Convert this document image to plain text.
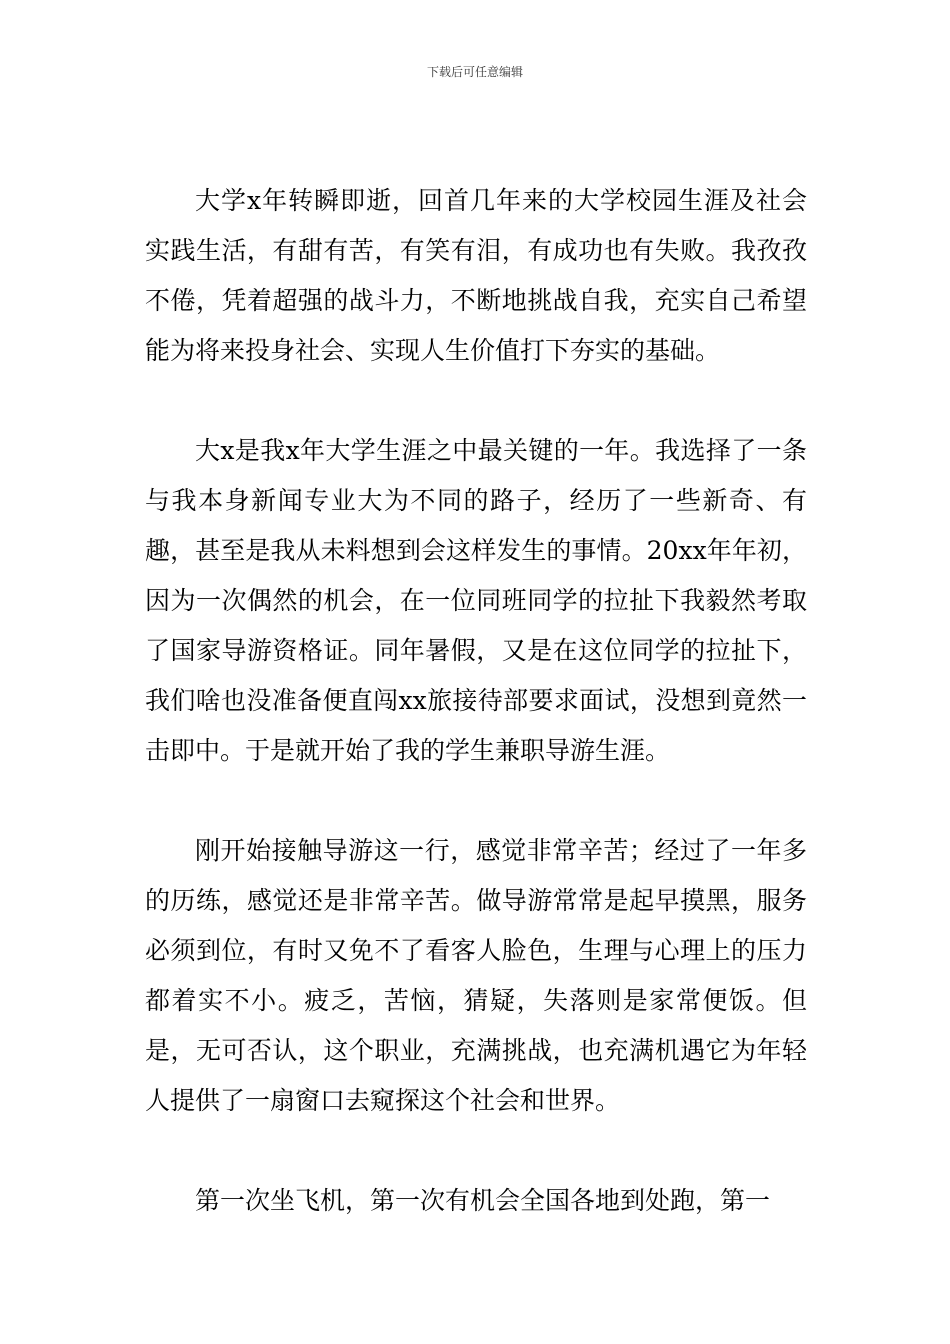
下载后可任意编辑

大学x年转瞬即逝，回首几年来的大学校园生涯及社会实践生活，有甜有苦，有笑有泪，有成功也有失败。我孜孜不倦，凭着超强的战斗力，不断地挑战自我，充实自己希望能为将来投身社会、实现人生价值打下夯实的基础。

大x是我x年大学生涯之中最关键的一年。我选择了一条与我本身新闻专业大为不同的路子，经历了一些新奇、有趣，甚至是我从未料想到会这样发生的事情。20xx年年初，因为一次偶然的机会，在一位同班同学的拉扯下我毅然考取了国家导游资格证。同年暑假，又是在这位同学的拉扯下，我们啥也没准备便直闯xx旅接待部要求面试，没想到竟然一击即中。于是就开始了我的学生兼职导游生涯。

刚开始接触导游这一行，感觉非常辛苦；经过了一年多的历练，感觉还是非常辛苦。做导游常常是起早摸黑，服务必须到位，有时又免不了看客人脸色，生理与心理上的压力都着实不小。疲乏，苦恼，猜疑，失落则是家常便饭。但是，无可否认，这个职业，充满挑战，也充满机遇它为年轻人提供了一扇窗口去窥探这个社会和世界。

第一次坐飞机，第一次有机会全国各地到处跑，第一
